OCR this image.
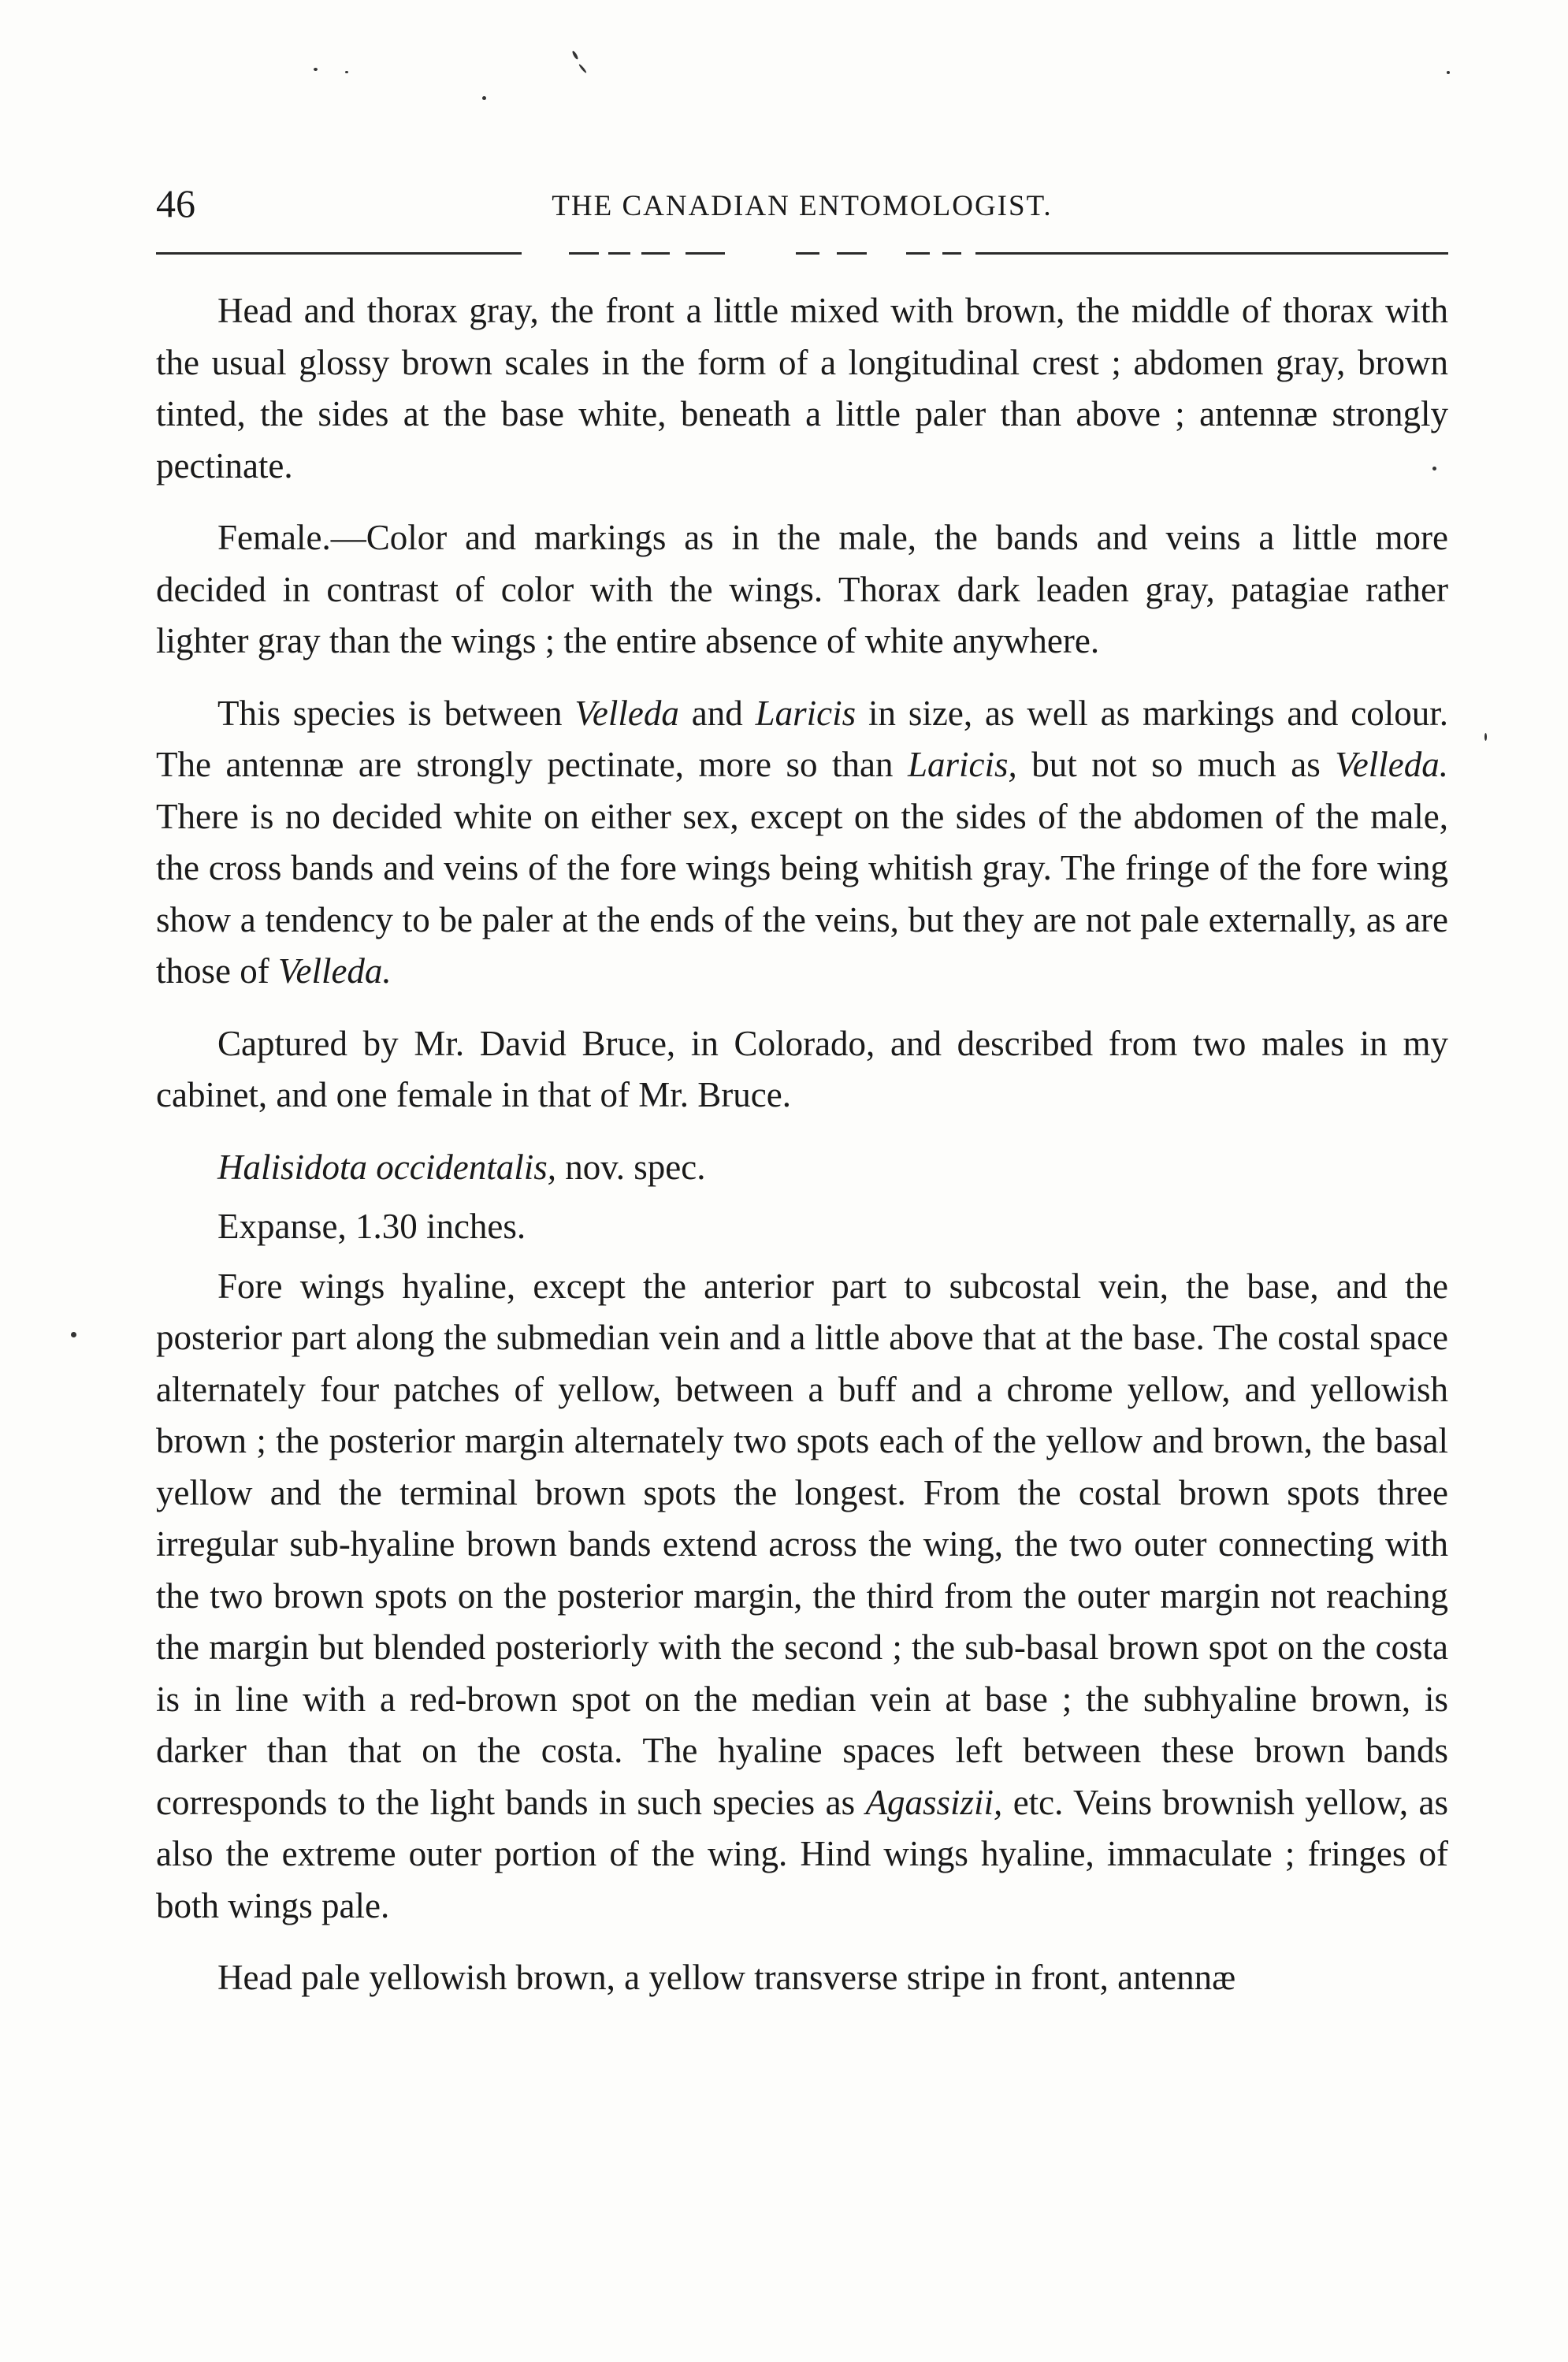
46	THE CANADIAN ENTOMOLOGIST.

Head and thorax gray, the front a little mixed with brown, the middle of thorax with the usual glossy brown scales in the form of a longitudinal crest ; abdomen gray, brown tinted, the sides at the base white, beneath a little paler than above ; antennæ strongly pectinate.

Female.—Color and markings as in the male, the bands and veins a little more decided in contrast of color with the wings. Thorax dark leaden gray, patagiae rather lighter gray than the wings ; the entire absence of white anywhere.

This species is between Velleda and Laricis in size, as well as markings and colour. The antennæ are strongly pectinate, more so than Laricis, but not so much as Velleda. There is no decided white on either sex, except on the sides of the abdomen of the male, the cross bands and veins of the fore wings being whitish gray. The fringe of the fore wing show a tendency to be paler at the ends of the veins, but they are not pale externally, as are those of Velleda.

Captured by Mr. David Bruce, in Colorado, and described from two males in my cabinet, and one female in that of Mr. Bruce.

Halisidota occidentalis, nov. spec.

Expanse, 1.30 inches.

Fore wings hyaline, except the anterior part to subcostal vein, the base, and the posterior part along the submedian vein and a little above that at the base. The costal space alternately four patches of yellow, between a buff and a chrome yellow, and yellowish brown ; the posterior margin alternately two spots each of the yellow and brown, the basal yellow and the terminal brown spots the longest. From the costal brown spots three irregular sub-hyaline brown bands extend across the wing, the two outer connecting with the two brown spots on the posterior margin, the third from the outer margin not reaching the margin but blended posteriorly with the second ; the sub-basal brown spot on the costa is in line with a red-brown spot on the median vein at base ; the subhyaline brown, is darker than that on the costa. The hyaline spaces left between these brown bands corresponds to the light bands in such species as Agassizii, etc. Veins brownish yellow, as also the extreme outer portion of the wing. Hind wings hyaline, immaculate ; fringes of both wings pale.

Head pale yellowish brown, a yellow transverse stripe in front, antennæ
